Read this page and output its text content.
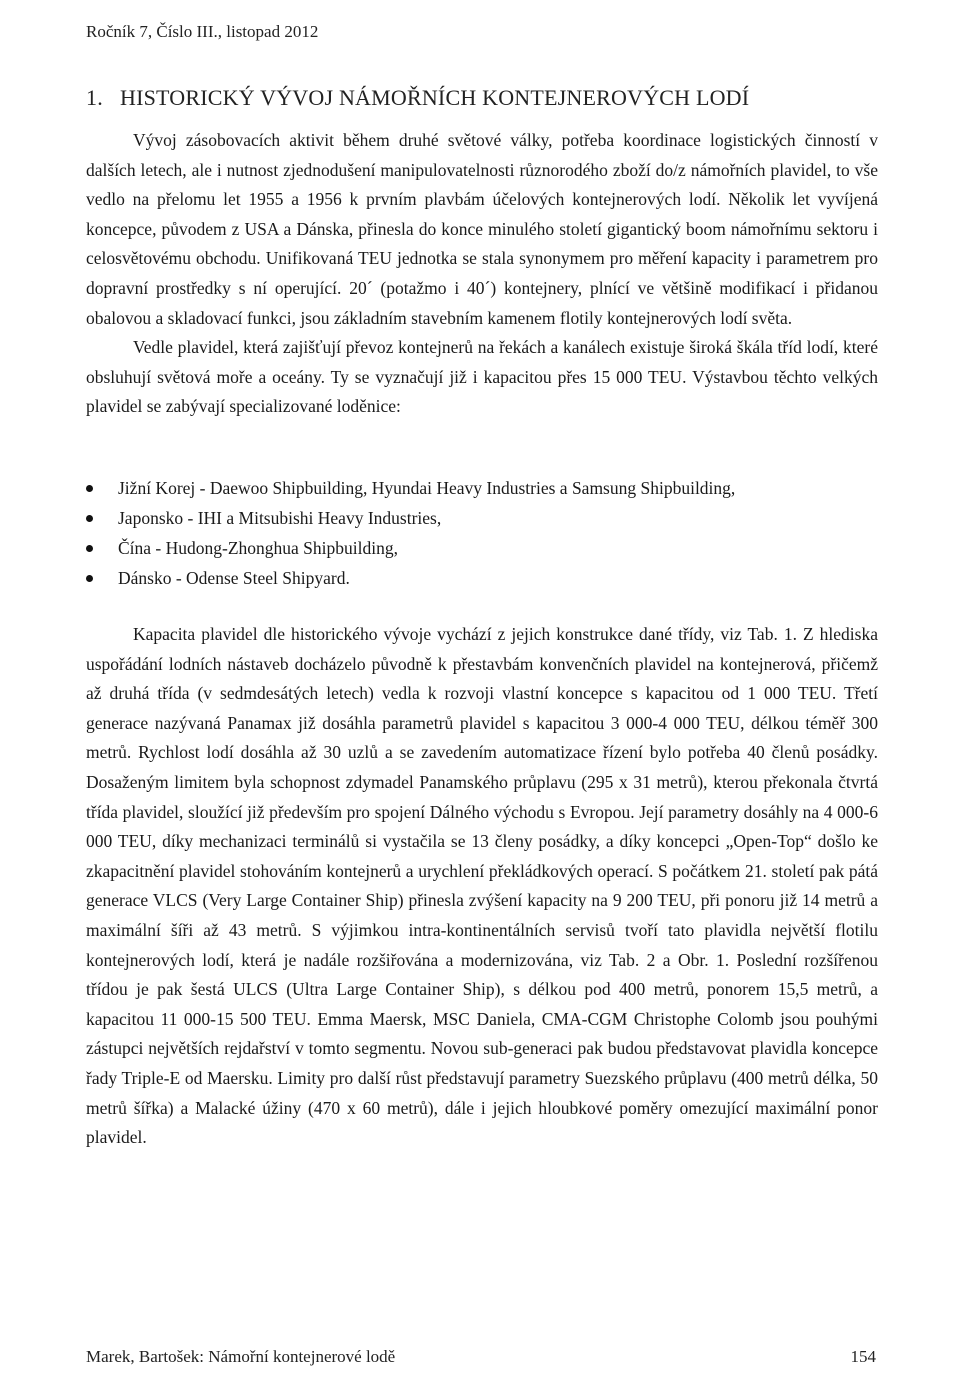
Ročník 7, Číslo III., listopad 2012
1. HISTORICKÝ VÝVOJ NÁMOŘNÍCH KONTEJNEROVÝCH LODÍ

Vývoj zásobovacích aktivit během druhé světové války, potřeba koordinace logistických činností v dalších letech, ale i nutnost zjednodušení manipulovatelnosti různorodého zboží do/z námořních plavidel, to vše vedlo na přelomu let 1955 a 1956 k prvním plavbám účelových kontejnerových lodí. Několik let vyvíjená koncepce, původem z USA a Dánska, přinesla do konce minulého století gigantický boom námořnímu sektoru i celosvětovému obchodu. Unifikovaná TEU jednotka se stala synonymem pro měření kapacity i parametrem pro dopravní prostředky s ní operující. 20´ (potažmo i 40´) kontejnery, plnící ve většině modifikací i přidanou obalovou a skladovací funkci, jsou základním stavebním kamenem flotily kontejnerových lodí světa.

Vedle plavidel, která zajišťují převoz kontejnerů na řekách a kanálech existuje široká škála tříd lodí, které obsluhují světová moře a oceány. Ty se vyznačují již i kapacitou přes 15 000 TEU. Výstavbou těchto velkých plavidel se zabývají specializované loděnice:

Jižní Korej - Daewoo Shipbuilding, Hyundai Heavy Industries a Samsung Shipbuilding,
Japonsko - IHI a Mitsubishi Heavy Industries,
Čína - Hudong-Zhonghua Shipbuilding,
Dánsko - Odense Steel Shipyard.

Kapacita plavidel dle historického vývoje vychází z jejich konstrukce dané třídy, viz Tab. 1. Z hlediska uspořádání lodních nástaveb docházelo původně k přestavbám konvenčních plavidel na kontejnerová, přičemž až druhá třída (v sedmdesátých letech) vedla k rozvoji vlastní koncepce s kapacitou od 1 000 TEU. Třetí generace nazývaná Panamax již dosáhla parametrů plavidel s kapacitou 3 000-4 000 TEU, délkou téměř 300 metrů. Rychlost lodí dosáhla až 30 uzlů a se zavedením automatizace řízení bylo potřeba 40 členů posádky. Dosaženým limitem byla schopnost zdymadel Panamského průplavu (295 x 31 metrů), kterou překonala čtvrtá třída plavidel, sloužící již především pro spojení Dálného východu s Evropou. Její parametry dosáhly na 4 000-6 000 TEU, díky mechanizaci terminálů si vystačila se 13 členy posádky, a díky koncepci „Open-Top“ došlo ke zkapacitnění plavidel stohováním kontejnerů a urychlení překládkových operací. S počátkem 21. století pak pátá generace VLCS (Very Large Container Ship) přinesla zvýšení kapacity na 9 200 TEU, při ponoru již 14 metrů a maximální šíři až 43 metrů. S výjimkou intra-kontinentálních servisů tvoří tato plavidla největší flotilu kontejnerových lodí, která je nadále rozšiřována a modernizována, viz Tab. 2 a Obr. 1. Poslední rozšířenou třídou je pak šestá ULCS (Ultra Large Container Ship), s délkou pod 400 metrů, ponorem 15,5 metrů, a kapacitou 11 000-15 500 TEU. Emma Maersk, MSC Daniela, CMA-CGM Christophe Colomb jsou pouhými zástupci největších rejdařství v tomto segmentu. Novou sub-generaci pak budou představovat plavidla koncepce řady Triple-E od Maersku. Limity pro další růst představují parametry Suezského průplavu (400 metrů délka, 50 metrů šířka) a Malacké úžiny (470 x 60 metrů), dále i jejich hloubkové poměry omezující maximální ponor plavidel.

Marek, Bartošek: Námořní kontejnerové lodě	154
